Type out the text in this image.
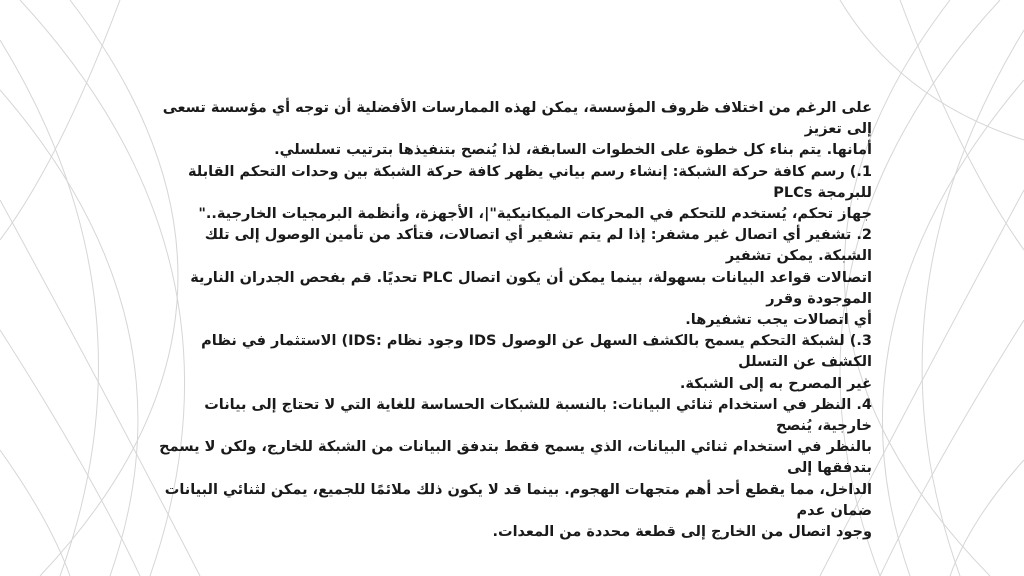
على الرغم من اختلاف ظروف المؤسسة، يمكن لهذه الممارسات الأفضلية أن توجه أي مؤسسة تسعى إلى تعزيز

أمانها. يتم بناء كل خطوة على الخطوات السابقة، لذا يُنصح بتنفيذها بترتيب تسلسلي.

1.) رسم كافة حركة الشبكة: إنشاء رسم بياني يظهر كافة حركة الشبكة بين وحدات التحكم القابلة للبرمجة PLCs

جهاز تحكم، يُستخدم للتحكم في المحركات الميكانيكية"|، الأجهزة، وأنظمة البرمجيات الخارجية.."

2. تشفير أي اتصال غير مشفر: إذا لم يتم تشفير أي اتصالات، فتأكد من تأمين الوصول إلى تلك الشبكة. يمكن تشفير

اتصالات قواعد البيانات بسهولة، بينما يمكن أن يكون اتصال PLC تحديًا. قم بفحص الجدران النارية الموجودة وقرر

أي اتصالات يجب تشفيرها.

3.) لشبكة التحكم يسمح بالكشف السهل عن الوصول IDS وجود نظام :IDS) الاستثمار في نظام الكشف عن التسلل

غير المصرح به إلى الشبكة.

4. النظر في استخدام ثنائي البيانات: بالنسبة للشبكات الحساسة للغاية التي لا تحتاج إلى بيانات خارجية، يُنصح

بالنظر في استخدام ثنائي البيانات، الذي يسمح فقط بتدفق البيانات من الشبكة للخارج، ولكن لا يسمح بتدفقها إلى

الداخل، مما يقطع أحد أهم متجهات الهجوم. بينما قد لا يكون ذلك ملائمًا للجميع، يمكن لثنائي البيانات ضمان عدم

وجود اتصال من الخارج إلى قطعة محددة من المعدات.
